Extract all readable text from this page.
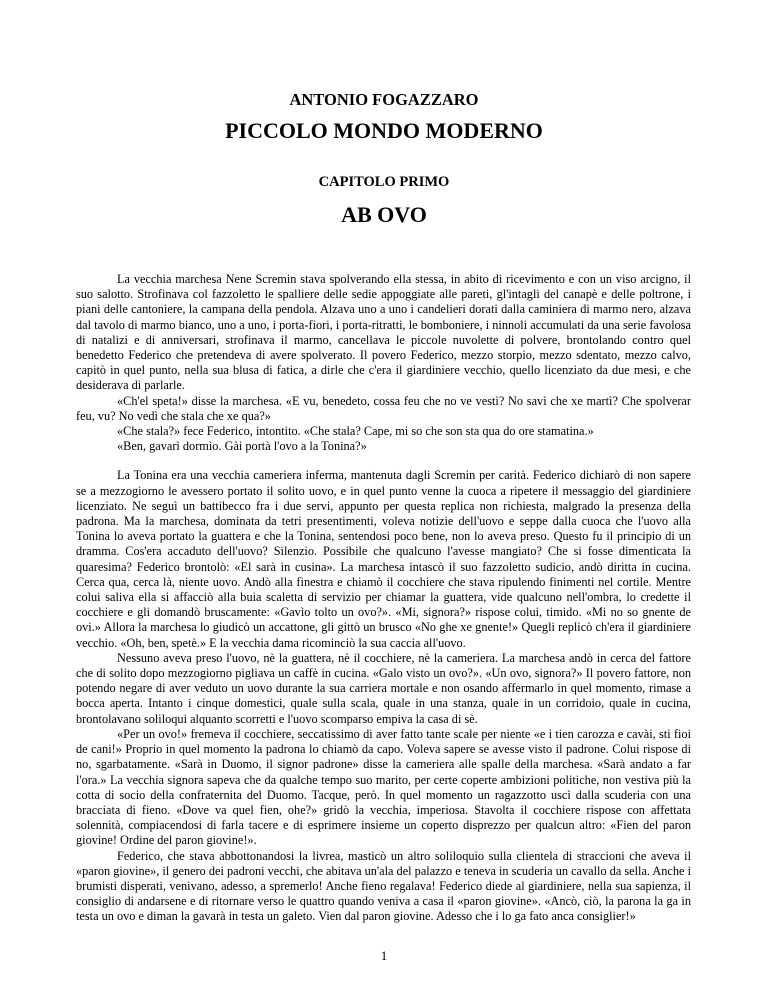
ANTONIO FOGAZZARO
PICCOLO MONDO MODERNO
CAPITOLO PRIMO
AB OVO

La vecchia marchesa Nene Scremin stava spolverando ella stessa, in abito di ricevimento e con un viso arcigno, il suo salotto. Strofinava col fazzoletto le spalliere delle sedie appoggiate alle pareti, gl'intagli del canapè e delle poltrone, i piani delle cantoniere, la campana della pendola. Alzava uno a uno i candelieri dorati dalla caminiera di marmo nero, alzava dal tavolo di marmo bianco, uno a uno, i porta-fiori, i porta-ritratti, le bomboniere, i ninnoli accumulati da una serie favolosa di natalizi e di anniversari, strofinava il marmo, cancellava le piccole nuvolette di polvere, brontolando contro quel benedetto Federico che pretendeva di avere spolverato. Il povero Federico, mezzo storpio, mezzo sdentato, mezzo calvo, capitò in quel punto, nella sua blusa di fatica, a dirle che c'era il giardiniere vecchio, quello licenziato da due mesi, e che desiderava di parlarle.

«Ch'el speta!» disse la marchesa. «E vu, benedeto, cossa feu che no ve vestì? No savì che xe martì? Che spolverar feu, vu? No vedì che stala che xe qua?»

«Che stala?» fece Federico, intontito. «Che stala? Cape, mi so che son sta qua do ore stamatina.»

«Ben, gavarì dormìo. Gài portà l'ovo a la Tonina?»

La Tonina era una vecchia cameriera inferma, mantenuta dagli Scremin per carità. Federico dichiarò di non sapere se a mezzogiorno le avessero portato il solito uovo, e in quel punto venne la cuoca a ripetere il messaggio del giardiniere licenziato. Ne seguì un battibecco fra i due servi, appunto per questa replica non richiesta, malgrado la presenza della padrona. Ma la marchesa, dominata da tetri presentimenti, voleva notizie dell'uovo e seppe dalla cuoca che l'uovo alla Tonina lo aveva portato la guattera e che la Tonina, sentendosi poco bene, non lo aveva preso. Questo fu il principio di un dramma. Cos'era accaduto dell'uovo? Silenzio. Possibile che qualcuno l'avesse mangiato? Che si fosse dimenticata la quaresima? Federico brontolò: «El sarà in cusina». La marchesa intascò il suo fazzoletto sudicio, andò diritta in cucina. Cerca qua, cerca là, niente uovo. Andò alla finestra e chiamò il cocchiere che stava ripulendo finimenti nel cortile. Mentre colui saliva ella si affacciò alla buia scaletta di servizio per chiamar la guattera, vide qualcuno nell'ombra, lo credette il cocchiere e gli domandò bruscamente: «Gavìo tolto un ovo?». «Mi, signora?» rispose colui, timido. «Mi no so gnente de ovi.» Allora la marchesa lo giudicò un accattone, gli gittò un brusco «No ghe xe gnente!» Quegli replicò ch'era il giardiniere vecchio. «Oh, ben, spetè.» E la vecchia dama ricominciò la sua caccia all'uovo.

Nessuno aveva preso l'uovo, nè la guattera, nè il cocchiere, nè la cameriera. La marchesa andò in cerca del fattore che di solito dopo mezzogiorno pigliava un caffè in cucina. «Galo visto un ovo?». «Un ovo, signora?» Il povero fattore, non potendo negare di aver veduto un uovo durante la sua carriera mortale e non osando affermarlo in quel momento, rimase a bocca aperta. Intanto i cinque domestici, quale sulla scala, quale in una stanza, quale in un corridoio, quale in cucina, brontolavano soliloqui alquanto scorretti e l'uovo scomparso empiva la casa di sè.

«Per un ovo!» fremeva il cocchiere, seccatissimo di aver fatto tante scale per niente «e i tien carozza e cavài, sti fioi de cani!» Proprio in quel momento la padrona lo chiamò da capo. Voleva sapere se avesse visto il padrone. Colui rispose di no, sgarbatamente. «Sarà in Duomo, il signor padrone» disse la cameriera alle spalle della marchesa. «Sarà andato a far l'ora.» La vecchia signora sapeva che da qualche tempo suo marito, per certe coperte ambizioni politiche, non vestiva più la cotta di socio della confraternita del Duomo. Tacque, però. In quel momento un ragazzotto uscì dalla scuderia con una bracciata di fieno. «Dove va quel fien, ohe?» gridò la vecchia, imperiosa. Stavolta il cocchiere rispose con affettata solennità, compiacendosi di farla tacere e di esprimere insieme un coperto disprezzo per qualcun altro: «Fien del paron giovine! Ordine del paron giovine!».

Federico, che stava abbottonandosi la livrea, masticò un altro soliloquio sulla clientela di straccioni che aveva il «paron giovine», il genero dei padroni vecchi, che abitava un'ala del palazzo e teneva in scuderia un cavallo da sella. Anche i brumisti disperati, venivano, adesso, a spremerlo! Anche fieno regalava! Federico diede al giardiniere, nella sua sapienza, il consiglio di andarsene e di ritornare verso le quattro quando veniva a casa il «paron giovine». «Ancò, ciò, la parona la ga in testa un ovo e diman la gavarà in testa un galeto. Vien dal paron giovine. Adesso che i lo ga fato anca consiglier!»

1
